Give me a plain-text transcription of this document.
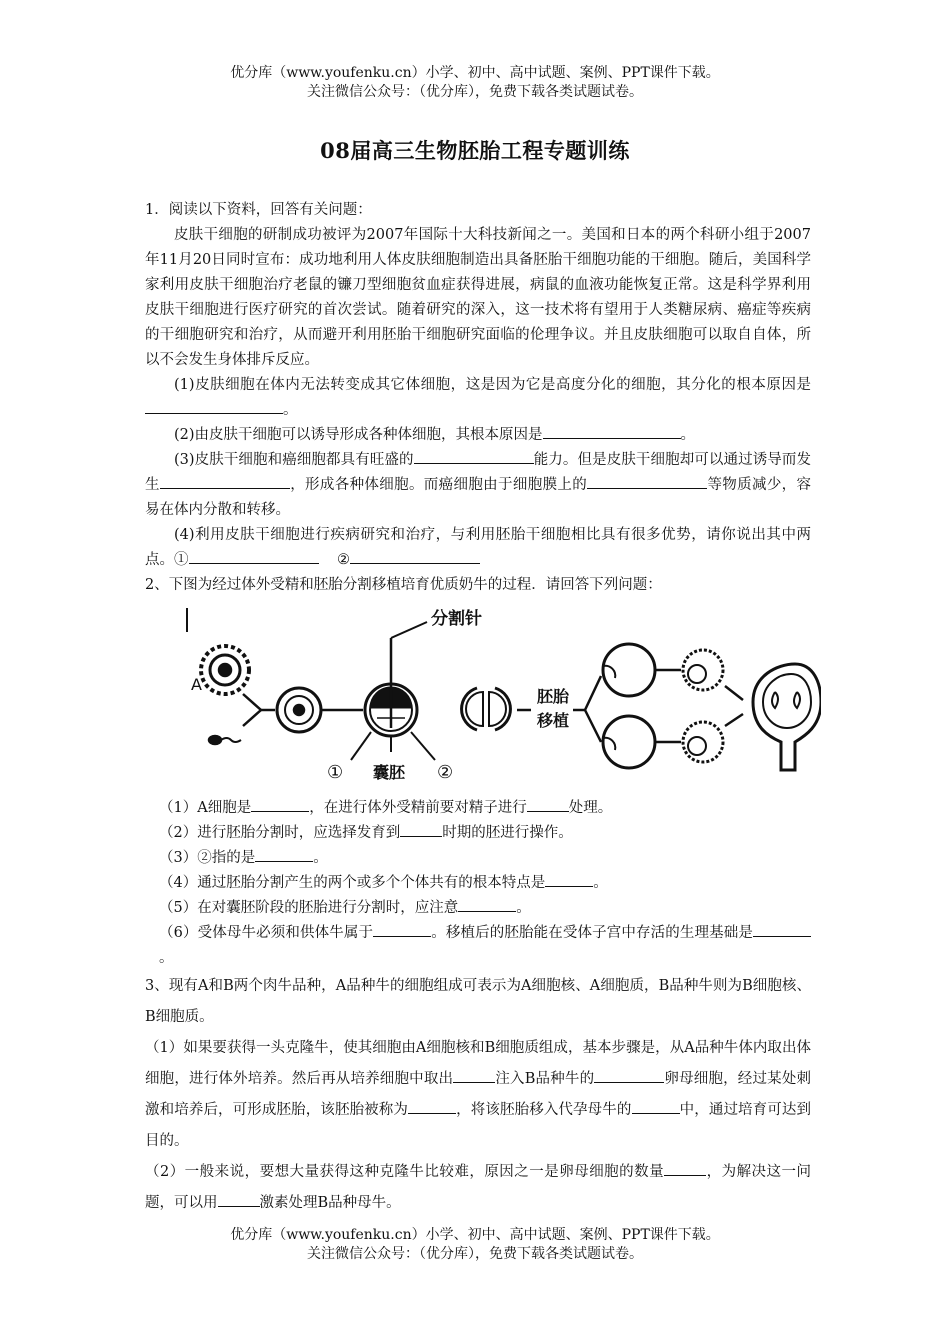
优分库（www.youfenku.cn）小学、初中、高中试题、案例、PPT课件下载。
关注微信公众号：（优分库），免费下载各类试题试卷。
08届高三生物胚胎工程专题训练

1．阅读以下资料，回答有关问题：

皮肤干细胞的研制成功被评为2007年国际十大科技新闻之一。美国和日本的两个科研小组于2007年11月20日同时宣布：成功地利用人体皮肤细胞制造出具备胚胎干细胞功能的干细胞。随后，美国科学家利用皮肤干细胞治疗老鼠的镰刀型细胞贫血症获得进展，病鼠的血液功能恢复正常。这是科学界利用皮肤干细胞进行医疗研究的首次尝试。随着研究的深入，这一技术将有望用于人类糖尿病、癌症等疾病的干细胞研究和治疗，从而避开利用胚胎干细胞研究面临的伦理争议。并且皮肤细胞可以取自自体，所以不会发生身体排斥反应。

(1)皮肤细胞在体内无法转变成其它体细胞，这是因为它是高度分化的细胞，其分化的根本原因是。

(2)由皮肤干细胞可以诱导形成各种体细胞，其根本原因是	。

(3)皮肤干细胞和癌细胞都具有旺盛的	能力。但是皮肤干细胞却可以通过诱导而发生	，形成各种体细胞。而癌细胞由于细胞膜上的	等物质减少，容易在体内分散和转移。

(4)利用皮肤干细胞进行疾病研究和治疗，与利用胚胎干细胞相比具有很多优势，请你说出其中两点。①	②

2、下图为经过体外受精和胚胎分割移植培育优质奶牛的过程．请回答下列问题：

A
分割针
① 囊胚 ②
胚胎
移植

（1）A细胞是	，在进行体外受精前要对精子进行	处理。

（2）进行胚胎分割时，应选择发育到	时期的胚进行操作。

（3）②指的是	。

（4）通过胚胎分割产生的两个或多个个体共有的根本特点是	。

（5）在对囊胚阶段的胚胎进行分割时，应注意	。

（6）受体母牛必须和供体牛属于	。移植后的胚胎能在受体子宫中存活的生理基础是。

3、现有A和B两个肉牛品种，A品种牛的细胞组成可表示为A细胞核、A细胞质，B品种牛则为B细胞核、B细胞质。

（1）如果要获得一头克隆牛，使其细胞由A细胞核和B细胞质组成，基本步骤是，从A品种牛体内取出体细胞，进行体外培养。然后再从培养细胞中取出	注入B品种牛的	卵母细胞，经过某处刺激和培养后，可形成胚胎，该胚胎被称为	，将该胚胎移入代孕母牛的	中，通过培育可达到目的。

（2）一般来说，要想大量获得这种克隆牛比较难，原因之一是卵母细胞的数量	，为解决这一问题，可以用	激素处理B品种母牛。

优分库（www.youfenku.cn）小学、初中、高中试题、案例、PPT课件下载。
关注微信公众号：（优分库），免费下载各类试题试卷。
